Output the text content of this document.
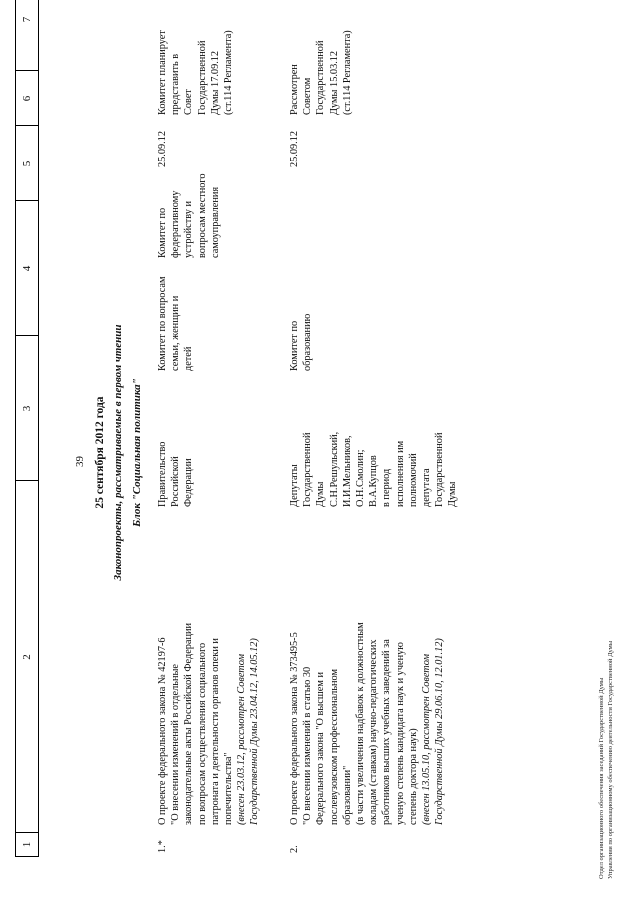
39
1
2
3
4
5
6
7
25 сентября 2012 года Законопроекты, рассматриваемые в первом чтении Блок "Социальная политика"
1.*
О проекте федерального закона № 42197-6 "О внесении изменений в отдельные законодательные акты Российской Федерации по вопросам осуществления социального патроната и деятельности органов опеки и попечительства" (внесен 23.03.12, рассмотрен Советом Государственной Думы 23.04.12, 14.05.12)
Правительство Российской Федерации
Комитет по вопросам семьи, женщин и детей
Комитет по федеративному устройству и вопросам местного самоуправления
25.09.12
Комитет планирует представить в Совет Государственной Думы 17.09.12 (ст.114 Регламента)
2.
О проекте федерального закона № 373495-5 "О внесении изменений в статью 30 Федерального закона "О высшем и послевузовском профессиональном образовании" (в части увеличения надбавок к должностным окладам (ставкам) научно-педагогических работников высших учебных заведений за ученую степень кандидата наук и ученую степень доктора наук) (внесен 13.05.10, рассмотрен Советом Государственной Думы 29.06.10, 12.01.12)
Депутаты Государственной Думы С.Н.Решульский, И.И.Мельников, О.Н.Смолин; В.А.Купцов в период исполнения им полномочий депутата Государственной Думы
Комитет по образованию
25.09.12
Рассмотрен Советом Государственной Думы 15.03.12 (ст.114 Регламента)
Отдел организационного обеспечения заседаний Государственной Думы Управления по организационному обеспечению деятельности Государственной Думы
